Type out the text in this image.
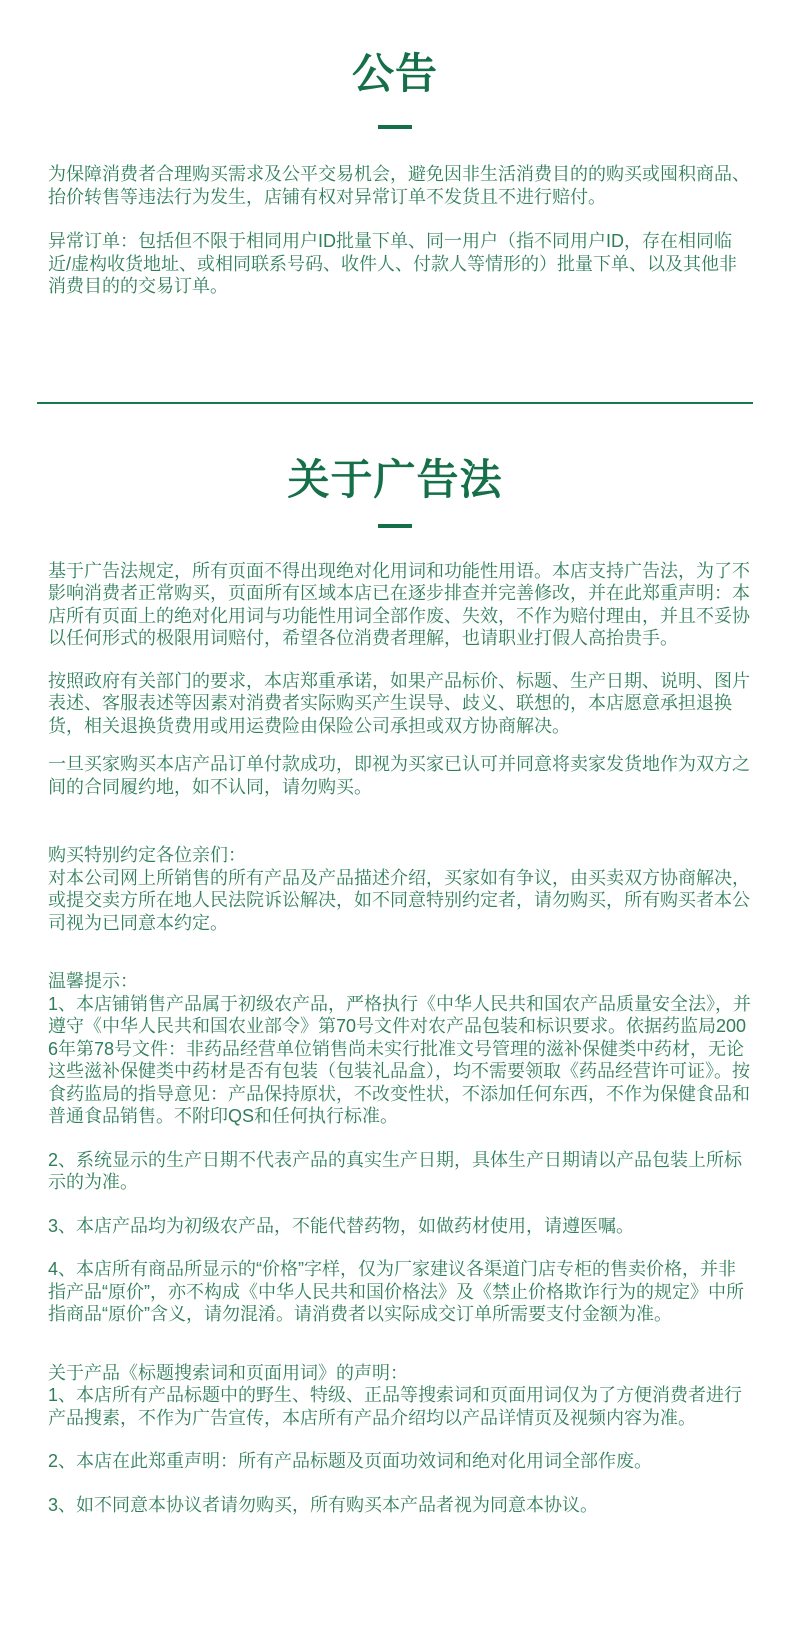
公告

为保障消费者合理购买需求及公平交易机会，避免因非生活消费目的的购买或囤积商品、抬价转售等违法行为发生，店铺有权对异常订单不发货且不进行赔付。

异常订单：包括但不限于相同用户ID批量下单、同一用户（指不同用户ID，存在相同临近/虚构收货地址、或相同联系号码、收件人、付款人等情形的）批量下单、以及其他非消费目的的交易订单。

关于广告法

基于广告法规定，所有页面不得出现绝对化用词和功能性用语。本店支持广告法，为了不影响消费者正常购买，页面所有区域本店已在逐步排查并完善修改，并在此郑重声明：本店所有页面上的绝对化用词与功能性用词全部作废、失效，不作为赔付理由，并且不妥协以任何形式的极限用词赔付，希望各位消费者理解，也请职业打假人高抬贵手。

按照政府有关部门的要求，本店郑重承诺，如果产品标价、标题、生产日期、说明、图片表述、客服表述等因素对消费者实际购买产生误导、歧义、联想的，本店愿意承担退换货，相关退换货费用或用运费险由保险公司承担或双方协商解决。

一旦买家购买本店产品订单付款成功，即视为买家已认可并同意将卖家发货地作为双方之间的合同履约地，如不认同，请勿购买。

购买特别约定各位亲们：

对本公司网上所销售的所有产品及产品描述介绍，买家如有争议，由买卖双方协商解决，或提交卖方所在地人民法院诉讼解决，如不同意特别约定者，请勿购买，所有购买者本公司视为已同意本约定。

温馨提示：

1、本店铺销售产品属于初级农产品，严格执行《中华人民共和国农产品质量安全法》，并遵守《中华人民共和国农业部令》第70号文件对农产品包装和标识要求。依据药监局2006年第78号文件：非药品经营单位销售尚未实行批准文号管理的滋补保健类中药材，无论这些滋补保健类中药材是否有包装（包装礼品盒），均不需要领取《药品经营许可证》。按食药监局的指导意见：产品保持原状，不改变性状，不添加任何东西，不作为保健食品和普通食品销售。不附印QS和任何执行标准。

2、系统显示的生产日期不代表产品的真实生产日期，具体生产日期请以产品包装上所标示的为准。

3、本店产品均为初级农产品，不能代替药物，如做药材使用，请遵医嘱。

4、本店所有商品所显示的“价格”字样，仅为厂家建议各渠道门店专柜的售卖价格，并非指产品“原价”，亦不构成《中华人民共和国价格法》及《禁止价格欺诈行为的规定》中所指商品“原价”含义，请勿混淆。请消费者以实际成交订单所需要支付金额为准。

关于产品《标题搜索词和页面用词》的声明：

1、本店所有产品标题中的野生、特级、正品等搜索词和页面用词仅为了方便消费者进行产品搜素，不作为广告宣传，本店所有产品介绍均以产品详情页及视频内容为准。

2、本店在此郑重声明：所有产品标题及页面功效词和绝对化用词全部作废。

3、如不同意本协议者请勿购买，所有购买本产品者视为同意本协议。
